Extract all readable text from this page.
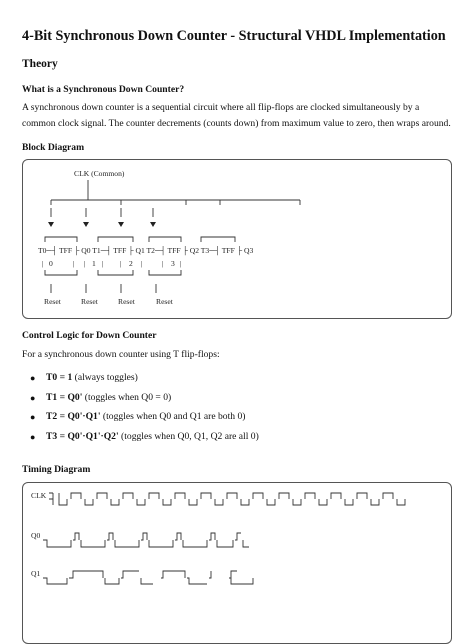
4-Bit Synchronous Down Counter - Structural VHDL Implementation
Theory
What is a Synchronous Down Counter?

A synchronous down counter is a sequential circuit where all flip-flops are clocked simultaneously by a common clock signal. The counter decrements (counts down) from maximum value to zero, then wraps around.

Block Diagram
CLK (Common)
T0─┤ TFF ├ Q0 T1─┤ TFF ├ Q1 T2─┤ TFF ├ Q2 T3─┤ TFF ├ Q3
| 0	| | 1 | | 2 |	| 3 |
Reset	Reset	Reset	Reset
Control Logic for Down Counter

For a synchronous down counter using T flip-flops:

● T0 = 1 (always toggles)
● T1 = Q0' (toggles when Q0 = 0)
● T2 = Q0'·Q1' (toggles when Q0 and Q1 are both 0)
● T3 = Q0'·Q1'·Q2' (toggles when Q0, Q1, Q2 are all 0)
Timing Diagram
CLK
Q0
Q1
